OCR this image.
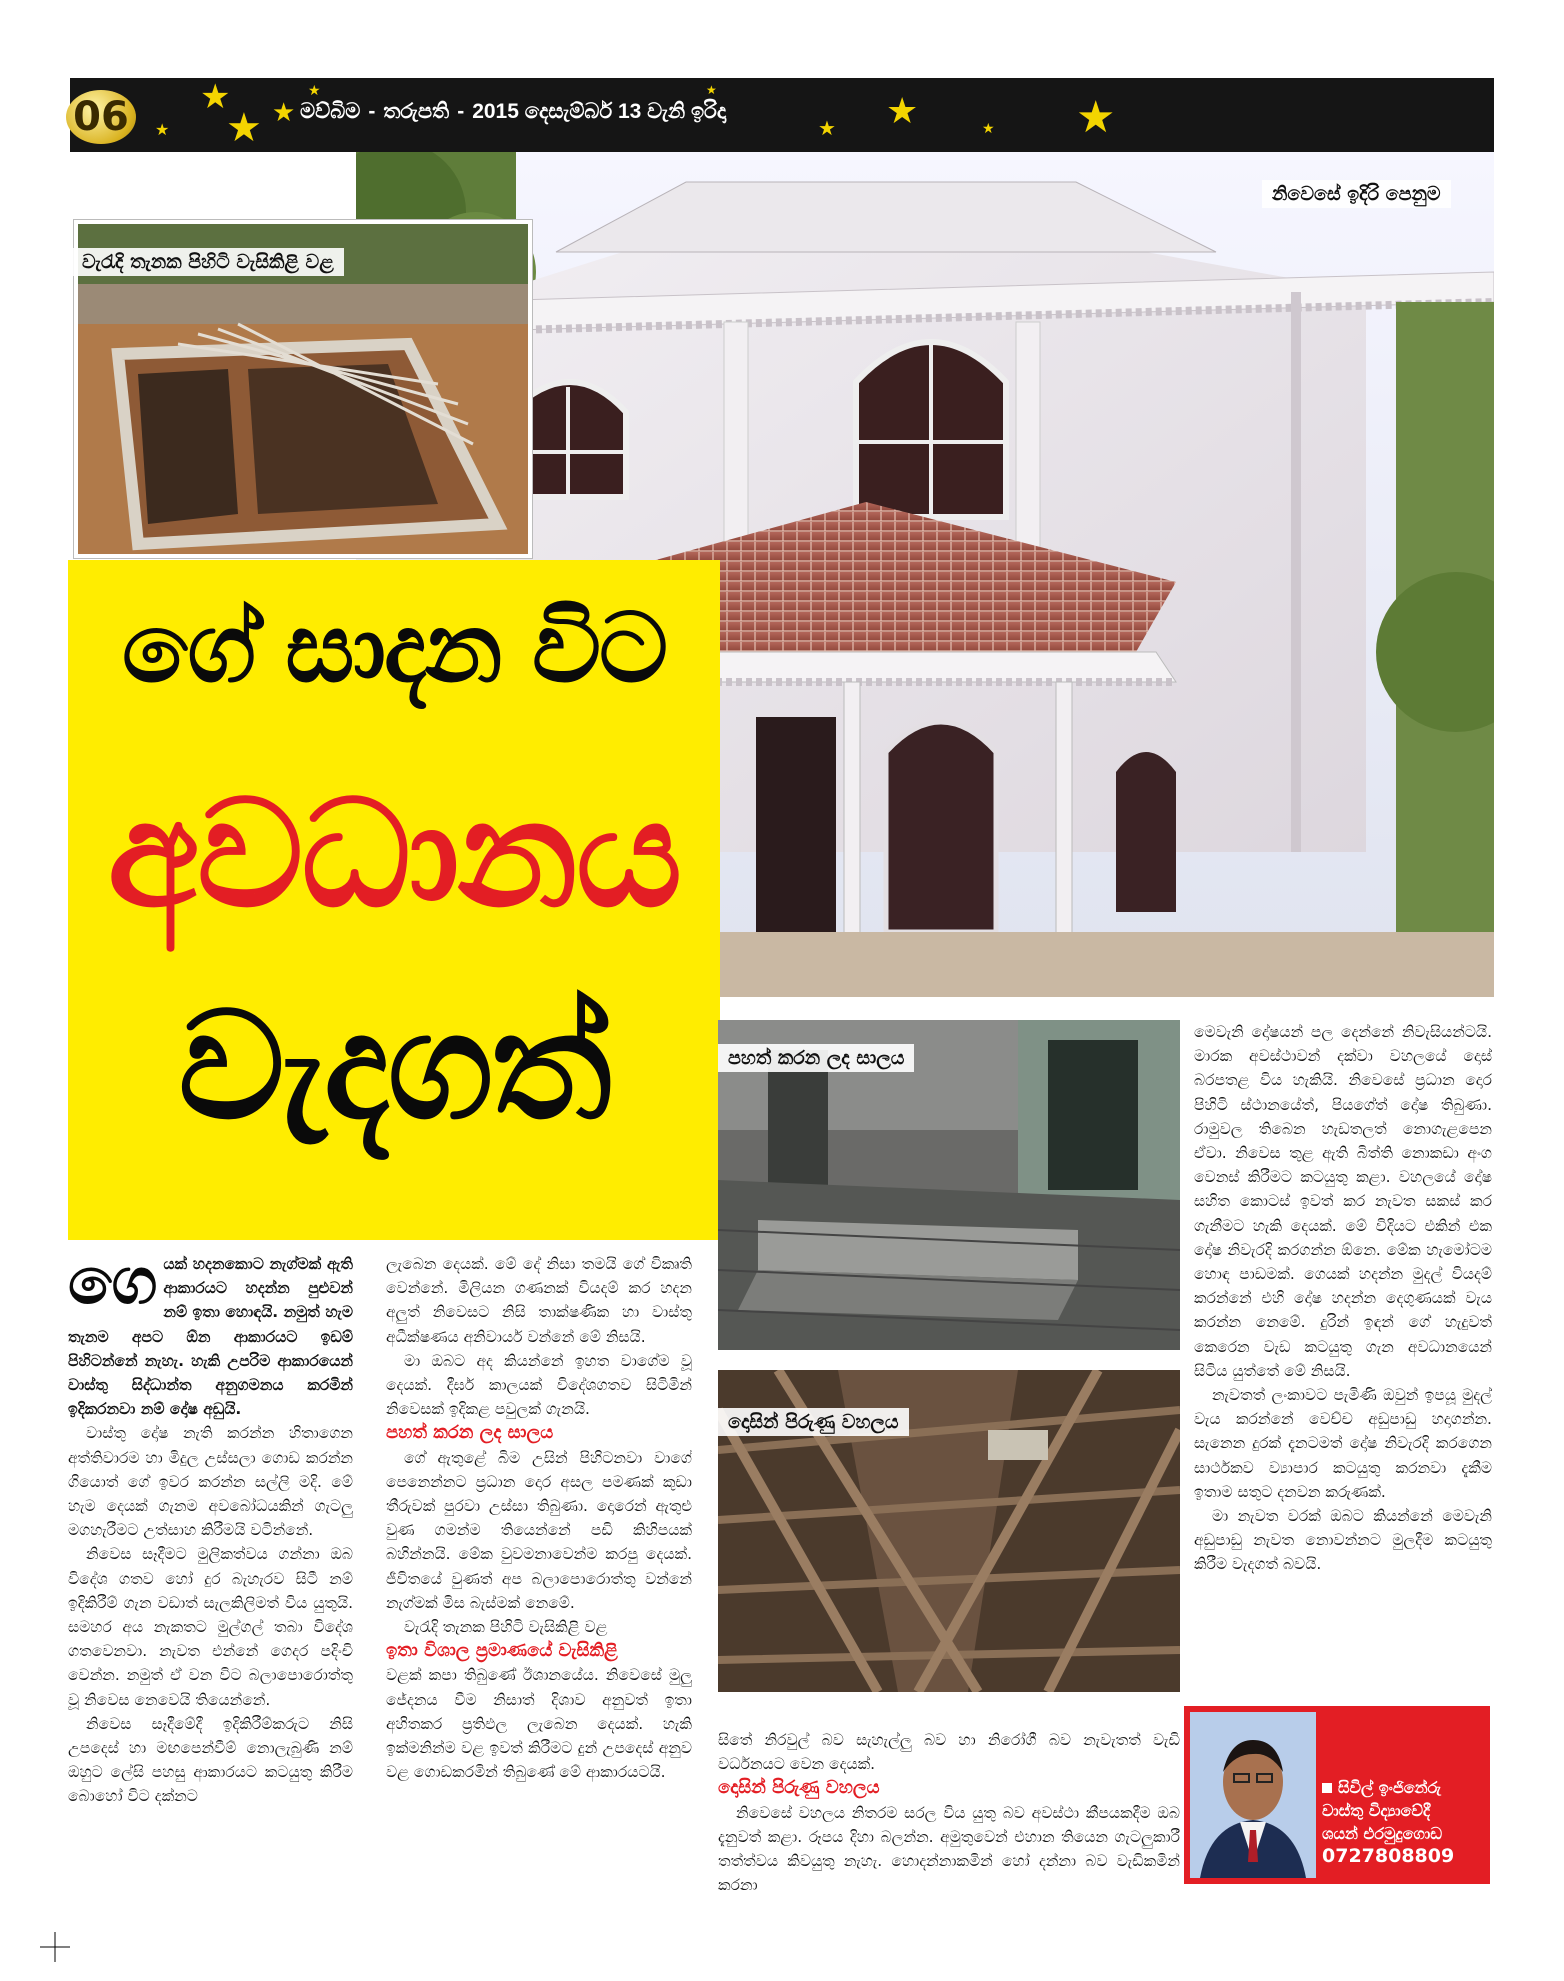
06	මව්බිම - තරුපති - 2015 දෙසැම්බර් 13 වැනි ඉරිදා
★
★ ★ ★
★	★
★ ★	★ ★
නිවෙසේ ඉදිරි පෙනුම
වැරැදි තැනක පිහිටි වැසිකිළි වළ
ගේ සාදන විට
අවධානය
වැදගත්	පහත් කරන ලද සාලය
දොසින් පිරුණු වහලය
ගෙ යක් හදනකොට නැග්මක් ඇති ආකාරයට හදන්න පුළුවන් නම් ඉතා හොඳයි. නමුත් හැම තැනම අපට ඕන ආකාරයට ඉඩම් පිහිටන්නේ නැහැ. හැකි උපරිම ආකාරයෙන් වාස්තු සිද්ධාන්ත අනුගමනය කරමින් ඉදිකරනවා නම් දෝෂ අඩුයි.

වාස්තු දෝෂ නැති කරන්න හිතාගෙන අත්තිවාරම හා මිදුල උස්සලා ගොඩ කරන්න ගියොත් ගේ ඉවර කරන්න සල්ලි මදි. මේ හැම දෙයක් ගැනම අවබෝධයකින් ගැටලු මගහැරීමට උත්සාහ කිරීමයි වටින්නේ.

නිවෙස සෑදීමට මුලිකත්වය ගන්නා ඔබ විදේශ ගතව හෝ දුර බැහැරව සිටී නම් ඉදිකිරීම් ගැන වඩාත් සැලකිලිමත් විය යුතුයි. සමහර අය නැකතට මුල්ගල් තබා විදේශ ගතවෙනවා. නැවත එන්නේ ගෙදර පදිංචි වෙන්න. නමුත් ඒ වන විට බලාපොරොත්තු වූ නිවෙස නෙවෙයි තියෙන්නේ.

නිවෙස සෑදීමේදී ඉදිකිරීම්කරුට නිසි උපදෙස් හා මඟපෙන්වීම් නොලැබුණි නම් ඔහුට ලේසි පහසු ආකාරයට කටයුතු කිරීම බොහෝ විට දක්නට

ලැබෙන දෙයක්. මේ දේ නිසා තමයි ගේ විකෘති වෙන්නේ. මිලියන ගණනක් වියදම් කර හදන අලුත් නිවෙසට නිසි තාක්ෂණික හා වාස්තු අධීක්ෂණය අනිවාර්ය වන්නේ මේ නිසයි.

මා ඔබට අද කියන්නේ ඉහත වාගේම වූ දෙයක්. දීර්ඝ කාලයක් විදේශගතව සිටිමින් නිවෙසක් ඉදිකළ පවුලක් ගැනයි.

පහත් කරන ලද සාලය

ගේ ඇතුළේ බිම උසින් පිහිටනවා වාගේ පෙනෙන්නට ප්‍රධාන දොර අසල පමණක් කුඩා තීරුවක් පුරවා උස්සා තිබුණා. දොරෙන් ඇතුළු වුණ ගමන්ම තියෙන්නේ පඩි කිහිපයක් බහින්නයි. මේක වුවමනාවෙන්ම කරපු දෙයක්. ජීවිතයේ වුණත් අප බලාපොරොත්තු වන්නේ නැග්මක් මිස බැස්මක් නෙමේ.

වැරැදි තැනක පිහිටි වැසිකිළි වළ

ඉතා විශාල ප්‍රමාණයේ වැසිකිළි

වළක් කපා තිබුණේ ඊශානයේය. නිවෙසේ මුලු ජේදනය වීම නිසාත් දිශාව අනුවත් ඉතා අහිතකර ප්‍රතිඵල ලැබෙන දෙයක්. හැකි ඉක්මනින්ම වළ ඉවත් කිරීමට දුන් උපදෙස් අනුව වළ ගොඩකරමින් තිබුණේ මේ ආකාරයටයි.

සිතේ නිරවුල් බව සැහැල්ලු බව හා නිරෝගී බව නැවැතත් වැඩි වර්ධනයට වෙන දෙයක්.

දොසින් පිරුණු වහලය

නිවෙසේ වහලය නිතරම සරල විය යුතු බව අවස්ථා කීපයකදීම ඔබ දැනුවත් කළා. රූපය දිහා බලන්න. අමුතුවෙන් එහාන තියෙන ගැටලුකාරී තත්ත්වය කිවයුතු නැහැ. හොදන්නාකමින් හෝ දන්නා බව වැඩිකමින් කරනා

මෙවැනි දෝෂයන් පල දෙන්නේ නිවැසියන්ටයි. මාරක අවස්ථාවන් දක්වා වහලයේ දොස් බරපතළ විය හැකියි. නිවෙසේ ප්‍රධාන දොර පිහිටි ස්ථානයේත්, පියගේත් දෝෂ තිබුණා. රාමුවල තිබෙන හැඩතලත් නොගැළපෙන ඒවා. නිවෙස තුළ ඇති බිත්ති නොකඩා අංග වෙනස් කිරීමට කටයුතු කළා. වහලයේ දෝෂ සහිත කොටස් ඉවත් කර නැවත සකස් කර ගැනීමට හැකි දෙයක්. මේ විදියට එකින් එක දෝෂ නිවැරදි කරගන්න ඕනෙ. මේක හැමෝටම හොඳ පාඩමක්. ගෙයක් හදන්න මුදල් වියදම් කරන්නේ එහි දෝෂ හදන්න දෙගුණයක් වැය කරන්න නෙමේ. දුරින් ඉඳන් ගේ හැදුවත් කෙරෙන වැඩ කටයුතු ගැන අවධානයෙන් සිටිය යුත්තේ මේ නිසයි.

නැවතත් ලංකාවට පැමිණි ඔවුන් ඉපයූ මුදල් වැය කරන්නේ වෙච්ච අඩුපාඩු හදාගන්න. සැනෙන දුරක් දැනටමත් දෝෂ නිවැරදි කරගෙන සාර්ථකව ව්‍යාපාර කටයුතු කරනවා දැකීම ඉතාම සතුට දනවන කරුණක්.

මා නැවත වරක් ඔබට කියන්නේ මෙවැනි අඩුපාඩු නැවත නොවන්නට මුලදීම කටයුතු කිරීම වැදගත් බවයි.

සිවිල් ඉංජිනේරු
වාස්තු විද්‍යාවේදී
ශයන් එරමුදුගොඩ
0727808809
